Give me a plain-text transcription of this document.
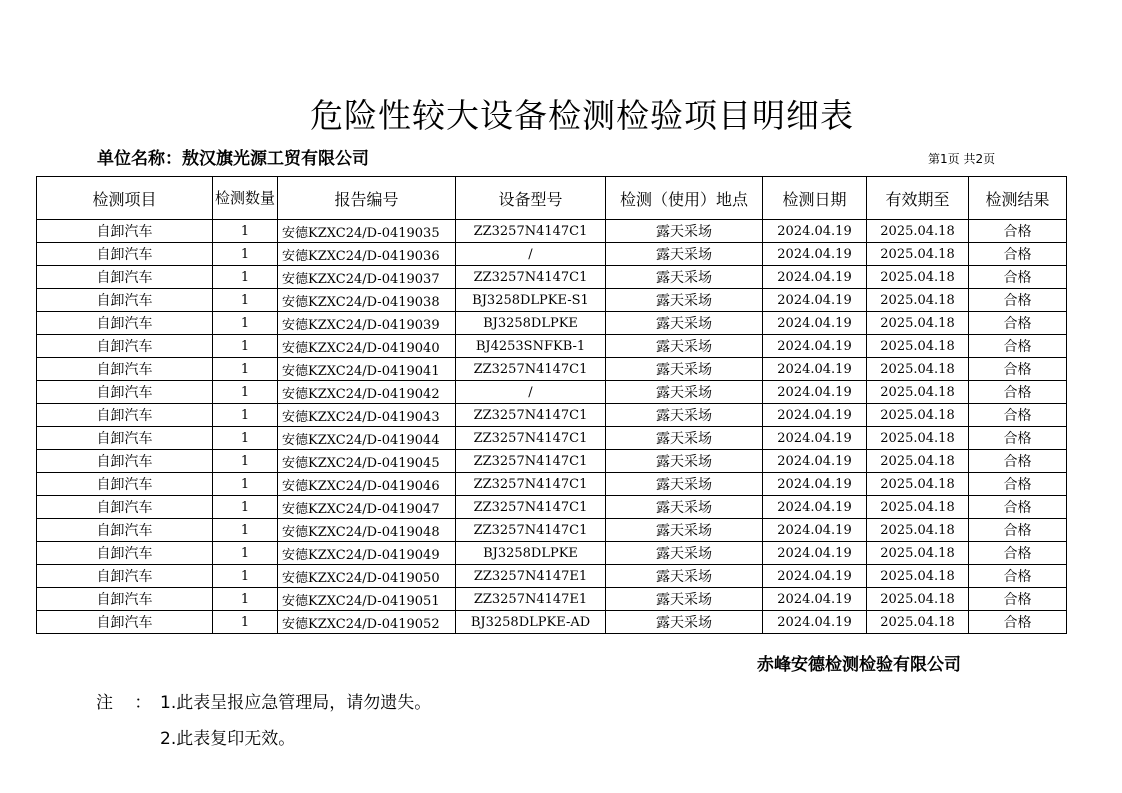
危险性较大设备检测检验项目明细表
单位名称：敖汉旗光源工贸有限公司	第1页 共2页
检测项目	检测数量	报告编号	设备型号	检测（使用）地点	检测日期	有效期至	检测结果
自卸汽车	1	安德KZXC24/D-0419035	ZZ3257N4147C1	露天采场	2024.04.19	2025.04.18	合格
自卸汽车	1	安德KZXC24/D-0419036	/	露天采场	2024.04.19	2025.04.18	合格
自卸汽车	1	安德KZXC24/D-0419037	ZZ3257N4147C1	露天采场	2024.04.19	2025.04.18	合格
自卸汽车	1	安德KZXC24/D-0419038	BJ3258DLPKE-S1	露天采场	2024.04.19	2025.04.18	合格
自卸汽车	1	安德KZXC24/D-0419039	BJ3258DLPKE	露天采场	2024.04.19	2025.04.18	合格
自卸汽车	1	安德KZXC24/D-0419040	BJ4253SNFKB-1	露天采场	2024.04.19	2025.04.18	合格
自卸汽车	1	安德KZXC24/D-0419041	ZZ3257N4147C1	露天采场	2024.04.19	2025.04.18	合格
自卸汽车	1	安德KZXC24/D-0419042	/	露天采场	2024.04.19	2025.04.18	合格
自卸汽车	1	安德KZXC24/D-0419043	ZZ3257N4147C1	露天采场	2024.04.19	2025.04.18	合格
自卸汽车	1	安德KZXC24/D-0419044	ZZ3257N4147C1	露天采场	2024.04.19	2025.04.18	合格
自卸汽车	1	安德KZXC24/D-0419045	ZZ3257N4147C1	露天采场	2024.04.19	2025.04.18	合格
自卸汽车	1	安德KZXC24/D-0419046	ZZ3257N4147C1	露天采场	2024.04.19	2025.04.18	合格
自卸汽车	1	安德KZXC24/D-0419047	ZZ3257N4147C1	露天采场	2024.04.19	2025.04.18	合格
自卸汽车	1	安德KZXC24/D-0419048	ZZ3257N4147C1	露天采场	2024.04.19	2025.04.18	合格
自卸汽车	1	安德KZXC24/D-0419049	BJ3258DLPKE	露天采场	2024.04.19	2025.04.18	合格
自卸汽车	1	安德KZXC24/D-0419050	ZZ3257N4147E1	露天采场	2024.04.19	2025.04.18	合格
自卸汽车	1	安德KZXC24/D-0419051	ZZ3257N4147E1	露天采场	2024.04.19	2025.04.18	合格
自卸汽车	1	安德KZXC24/D-0419052	BJ3258DLPKE-AD	露天采场	2024.04.19	2025.04.18	合格
赤峰安德检测检验有限公司
注 ： 1.此表呈报应急管理局，请勿遗失。
2.此表复印无效。
